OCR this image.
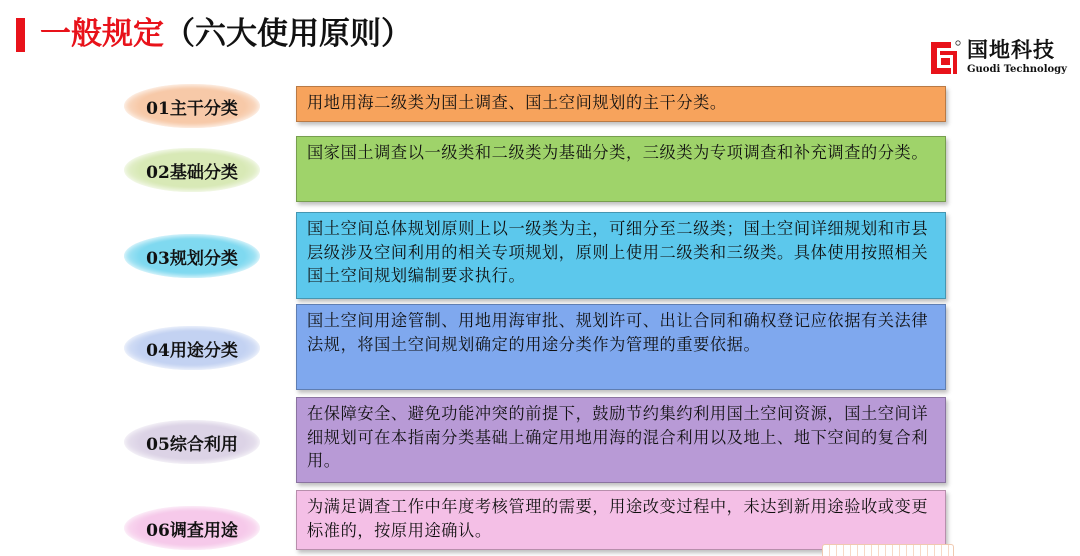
一般规定（六大使用原则）	国地科技
Guodi Technology
01主干分类	用地用海二级类为国土调查、国土空间规划的主干分类。
02基础分类
国家国土调查以一级类和二级类为基础分类，三级类为专项调查和补充调查的分类。
03规划分类
国土空间总体规划原则上以一级类为主，可细分至二级类；国土空间详细规划和市县层级涉及空间利用的相关专项规划，原则上使用二级类和三级类。具体使用按照相关国土空间规划编制要求执行。
04用途分类
国土空间用途管制、用地用海审批、规划许可、出让合同和确权登记应依据有关法律法规，将国土空间规划确定的用途分类作为管理的重要依据。
05综合利用
在保障安全、避免功能冲突的前提下，鼓励节约集约利用国土空间资源，国土空间详细规划可在本指南分类基础上确定用地用海的混合利用以及地上、地下空间的复合利用。
06调查用途
为满足调查工作中年度考核管理的需要，用途改变过程中，未达到新用途验收或变更标准的，按原用途确认。
